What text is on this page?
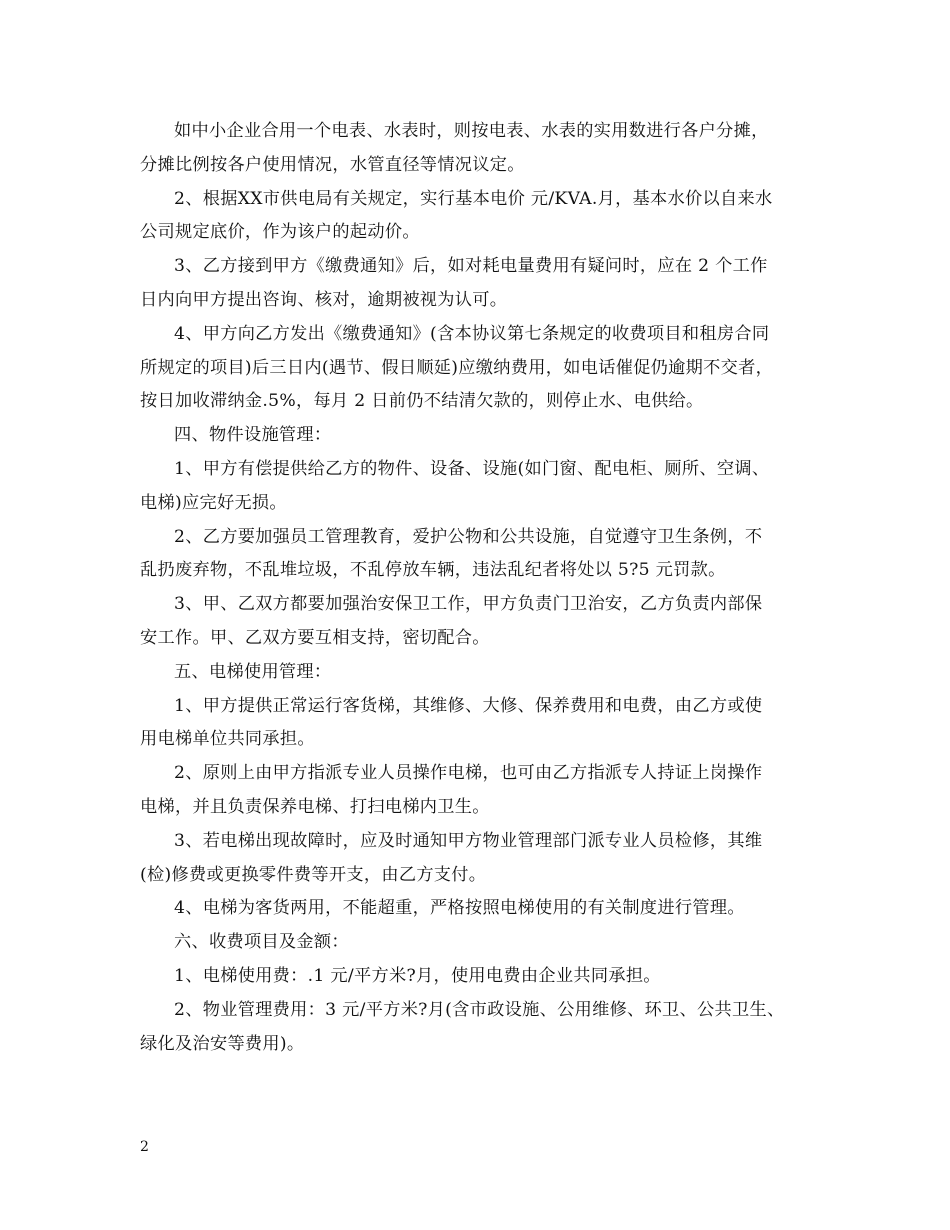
如中小企业合用一个电表、水表时，则按电表、水表的实用数进行各户分摊，
分摊比例按各户使用情况，水管直径等情况议定。
2、根据XX市供电局有关规定，实行基本电价 元/KVA.月，基本水价以自来水
公司规定底价，作为该户的起动价。
3、乙方接到甲方《缴费通知》后，如对耗电量费用有疑问时，应在 2 个工作
日内向甲方提出咨询、核对，逾期被视为认可。
4、甲方向乙方发出《缴费通知》(含本协议第七条规定的收费项目和租房合同
所规定的项目)后三日内(遇节、假日顺延)应缴纳费用，如电话催促仍逾期不交者，
按日加收滞纳金.5%，每月 2 日前仍不结清欠款的，则停止水、电供给。
四、物件设施管理：
1、甲方有偿提供给乙方的物件、设备、设施(如门窗、配电柜、厕所、空调、
电梯)应完好无损。
2、乙方要加强员工管理教育，爱护公物和公共设施，自觉遵守卫生条例，不
乱扔废弃物，不乱堆垃圾，不乱停放车辆，违法乱纪者将处以 5?5 元罚款。
3、甲、乙双方都要加强治安保卫工作，甲方负责门卫治安，乙方负责内部保
安工作。甲、乙双方要互相支持，密切配合。
五、电梯使用管理：
1、甲方提供正常运行客货梯，其维修、大修、保养费用和电费，由乙方或使
用电梯单位共同承担。
2、原则上由甲方指派专业人员操作电梯，也可由乙方指派专人持证上岗操作
电梯，并且负责保养电梯、打扫电梯内卫生。
3、若电梯出现故障时，应及时通知甲方物业管理部门派专业人员检修，其维
(检)修费或更换零件费等开支，由乙方支付。
4、电梯为客货两用，不能超重，严格按照电梯使用的有关制度进行管理。
六、收费项目及金额：
1、电梯使用费：.1 元/平方米?月，使用电费由企业共同承担。
2、物业管理费用：3 元/平方米?月(含市政设施、公用维修、环卫、公共卫生、
绿化及治安等费用)。
2
